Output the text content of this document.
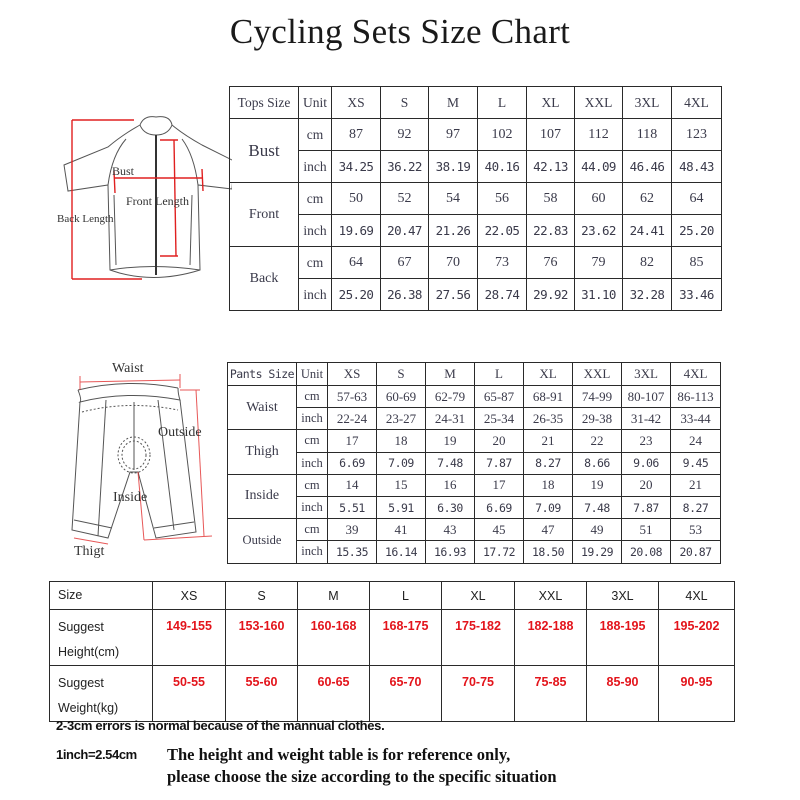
Cycling Sets Size Chart
Bust
Front Length
Back Length
Waist
Outside
Inside
Thigt
Tops Size	Unit	XS	S	M	L	XL	XXL	3XL	4XL
Bust	cm	87	92	97	102	107	112	118	123
	inch	34.25	36.22	38.19	40.16	42.13	44.09	46.46	48.43
Front	cm	50	52	54	56	58	60	62	64
	inch	19.69	20.47	21.26	22.05	22.83	23.62	24.41	25.20
Back	cm	64	67	70	73	76	79	82	85
	inch	25.20	26.38	27.56	28.74	29.92	31.10	32.28	33.46
Pants Size	Unit	XS	S	M	L	XL	XXL	3XL	4XL
Waist	cm	57-63	60-69	62-79	65-87	68-91	74-99	80-107	86-113
	inch	22-24	23-27	24-31	25-34	26-35	29-38	31-42	33-44
Thigh	cm	17	18	19	20	21	22	23	24
	inch	6.69	7.09	7.48	7.87	8.27	8.66	9.06	9.45
Inside	cm	14	15	16	17	18	19	20	21
	inch	5.51	5.91	6.30	6.69	7.09	7.48	7.87	8.27
Outside	cm	39	41	43	45	47	49	51	53
	inch	15.35	16.14	16.93	17.72	18.50	19.29	20.08	20.87
Size	XS	S	M	L	XL	XXL	3XL	4XL

Suggest
Height(cm)	149-155	153-160	160-168	168-175	175-182	182-188	188-195	195-202

Suggest
Weight(kg)	50-55	55-60	60-65	65-70	70-75	75-85	85-90	90-95
2-3cm errors is normal because of the mannual clothes.
1inch=2.54cm The height and weight table is for reference only,
please choose the size according to the specific situation
